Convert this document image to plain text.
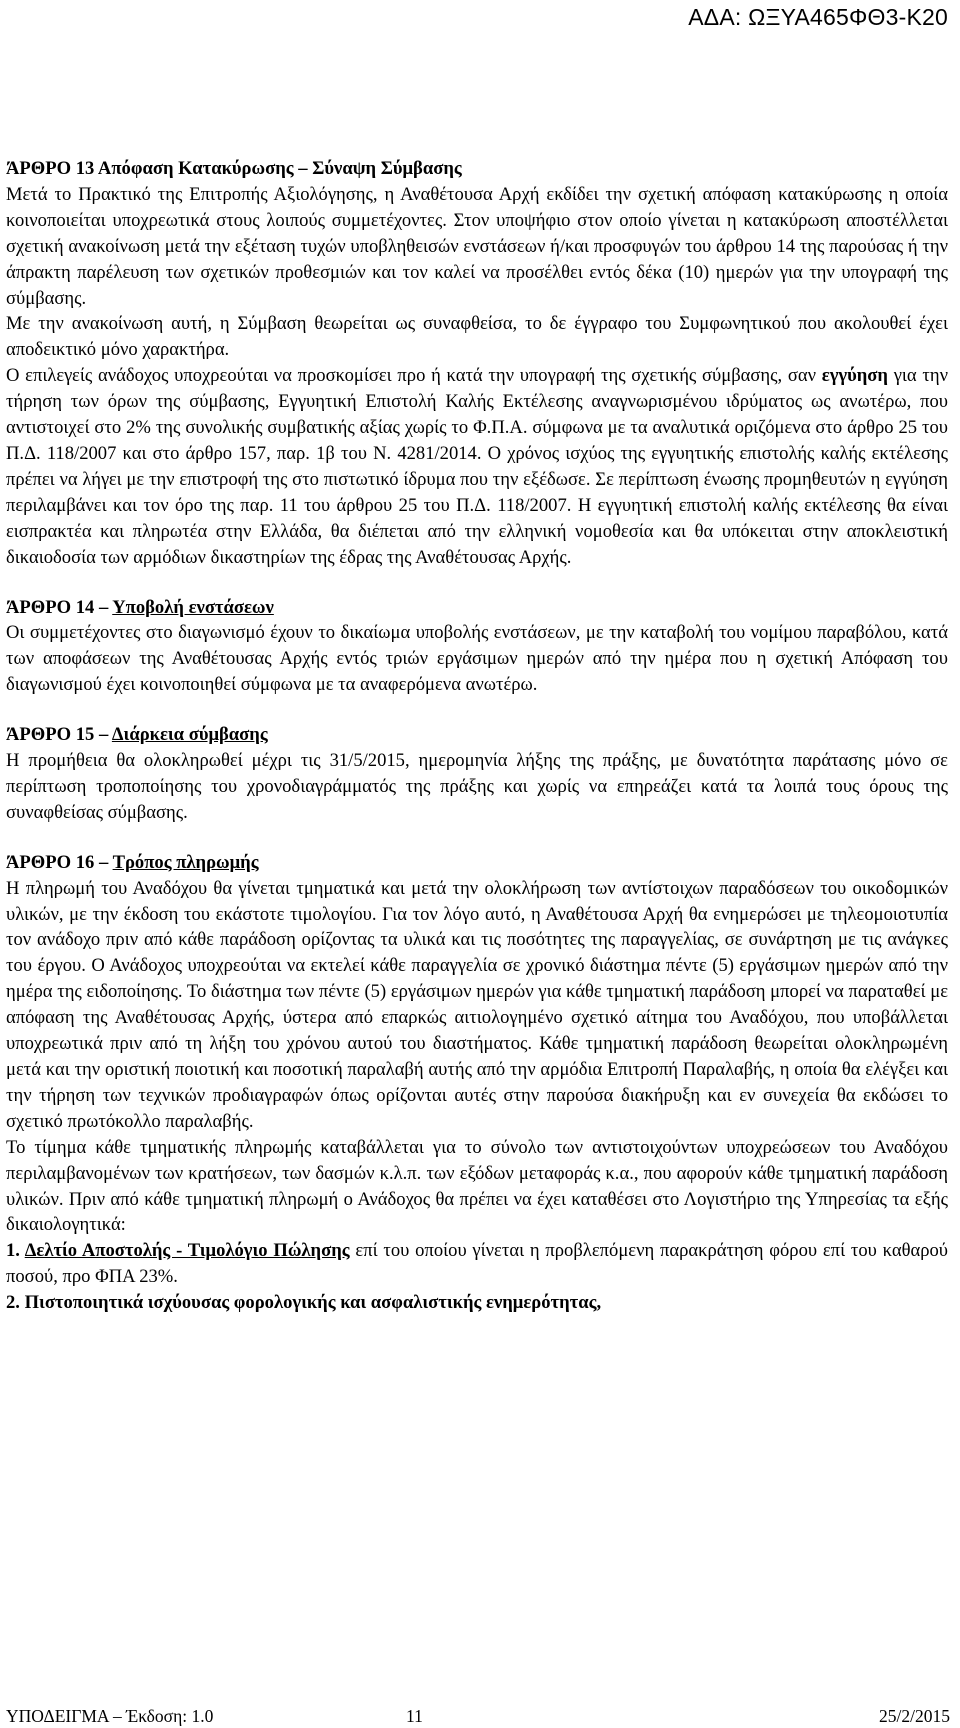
ΑΔΑ: ΩΞΥΑ465ΦΘ3-Κ20

ΆΡΘΡΟ 13 Απόφαση Κατακύρωσης – Σύναψη Σύμβασης

Μετά το Πρακτικό της Επιτροπής Αξιολόγησης, η Αναθέτουσα Αρχή εκδίδει την σχετική απόφαση κατακύρωσης η οποία κοινοποιείται υποχρεωτικά στους λοιπούς συμμετέχοντες. Στον υποψήφιο στον οποίο γίνεται η κατακύρωση αποστέλλεται σχετική ανακοίνωση μετά την εξέταση τυχών υποβληθεισών ενστάσεων ή/και προσφυγών του άρθρου 14 της παρούσας ή την άπρακτη παρέλευση των σχετικών προθεσμιών και τον καλεί να προσέλθει εντός δέκα (10) ημερών για την υπογραφή της σύμβασης.

Με την ανακοίνωση αυτή, η Σύμβαση θεωρείται ως συναφθείσα, το δε έγγραφο του Συμφωνητικού που ακολουθεί έχει αποδεικτικό μόνο χαρακτήρα.

Ο επιλεγείς ανάδοχος υποχρεούται να προσκομίσει προ ή κατά την υπογραφή της σχετικής σύμβασης, σαν εγγύηση για την τήρηση των όρων της σύμβασης, Εγγυητική Επιστολή Καλής Εκτέλεσης αναγνωρισμένου ιδρύματος ως ανωτέρω, που αντιστοιχεί στο 2% της συνολικής συμβατικής αξίας χωρίς το Φ.Π.Α. σύμφωνα με τα αναλυτικά οριζόμενα στο άρθρο 25 του Π.Δ. 118/2007 και στο άρθρο 157, παρ. 1β του Ν. 4281/2014. Ο χρόνος ισχύος της εγγυητικής επιστολής καλής εκτέλεσης πρέπει να λήγει με την επιστροφή της στο πιστωτικό ίδρυμα που την εξέδωσε. Σε περίπτωση ένωσης προμηθευτών η εγγύηση περιλαμβάνει και τον όρο της παρ. 11 του άρθρου 25 του Π.Δ. 118/2007. Η εγγυητική επιστολή καλής εκτέλεσης θα είναι εισπρακτέα και πληρωτέα στην Ελλάδα, θα διέπεται από την ελληνική νομοθεσία και θα υπόκειται στην αποκλειστική δικαιοδοσία των αρμόδιων δικαστηρίων της έδρας της Αναθέτουσας Αρχής.

ΆΡΘΡΟ 14 – Υποβολή ενστάσεων

Οι συμμετέχοντες στο διαγωνισμό έχουν το δικαίωμα υποβολής ενστάσεων, με την καταβολή του νομίμου παραβόλου, κατά των αποφάσεων της Αναθέτουσας Αρχής εντός τριών εργάσιμων ημερών από την ημέρα που η σχετική Απόφαση του διαγωνισμού έχει κοινοποιηθεί σύμφωνα με τα αναφερόμενα ανωτέρω.

ΆΡΘΡΟ 15 – Διάρκεια σύμβασης

Η προμήθεια θα ολοκληρωθεί μέχρι τις 31/5/2015, ημερομηνία λήξης της πράξης, με δυνατότητα παράτασης μόνο σε περίπτωση τροποποίησης του χρονοδιαγράμματός της πράξης και χωρίς να επηρεάζει κατά τα λοιπά τους όρους της συναφθείσας σύμβασης.

ΆΡΘΡΟ 16 – Τρόπος πληρωμής

Η πληρωμή του Αναδόχου θα γίνεται τμηματικά και μετά την ολοκλήρωση των αντίστοιχων παραδόσεων του οικοδομικών υλικών, με την έκδοση του εκάστοτε τιμολογίου. Για τον λόγο αυτό, η Αναθέτουσα Αρχή θα ενημερώσει με τηλεομοιοτυπία τον ανάδοχο πριν από κάθε παράδοση ορίζοντας τα υλικά και τις ποσότητες της παραγγελίας, σε συνάρτηση με τις ανάγκες του έργου. Ο Ανάδοχος υποχρεούται να εκτελεί κάθε παραγγελία σε χρονικό διάστημα πέντε (5) εργάσιμων ημερών από την ημέρα της ειδοποίησης. Το διάστημα των πέντε (5) εργάσιμων ημερών για κάθε τμηματική παράδοση μπορεί να παραταθεί με απόφαση της Αναθέτουσας Αρχής, ύστερα από επαρκώς αιτιολογημένο σχετικό αίτημα του Αναδόχου, που υποβάλλεται υποχρεωτικά πριν από τη λήξη του χρόνου αυτού του διαστήματος. Κάθε τμηματική παράδοση θεωρείται ολοκληρωμένη μετά και την οριστική ποιοτική και ποσοτική παραλαβή αυτής από την αρμόδια Επιτροπή Παραλαβής, η οποία θα ελέγξει και την τήρηση των τεχνικών προδιαγραφών όπως ορίζονται αυτές στην παρούσα διακήρυξη και εν συνεχεία θα εκδώσει το σχετικό πρωτόκολλο παραλαβής.

Το τίμημα κάθε τμηματικής πληρωμής καταβάλλεται για το σύνολο των αντιστοιχούντων υποχρεώσεων του Αναδόχου περιλαμβανομένων των κρατήσεων, των δασμών κ.λ.π. των εξόδων μεταφοράς κ.α., που αφορούν κάθε τμηματική παράδοση υλικών. Πριν από κάθε τμηματική πληρωμή ο Ανάδοχος θα πρέπει να έχει καταθέσει στο Λογιστήριο της Υπηρεσίας τα εξής δικαιολογητικά:

1. Δελτίο Αποστολής - Τιμολόγιο Πώλησης επί του οποίου γίνεται η προβλεπόμενη παρακράτηση φόρου επί του καθαρού ποσού, προ ΦΠΑ 23%.

2. Πιστοποιητικά ισχύουσας φορολογικής και ασφαλιστικής ενημερότητας,

ΥΠΟΔΕΙΓΜΑ – Έκδοση: 1.0	11	25/2/2015
